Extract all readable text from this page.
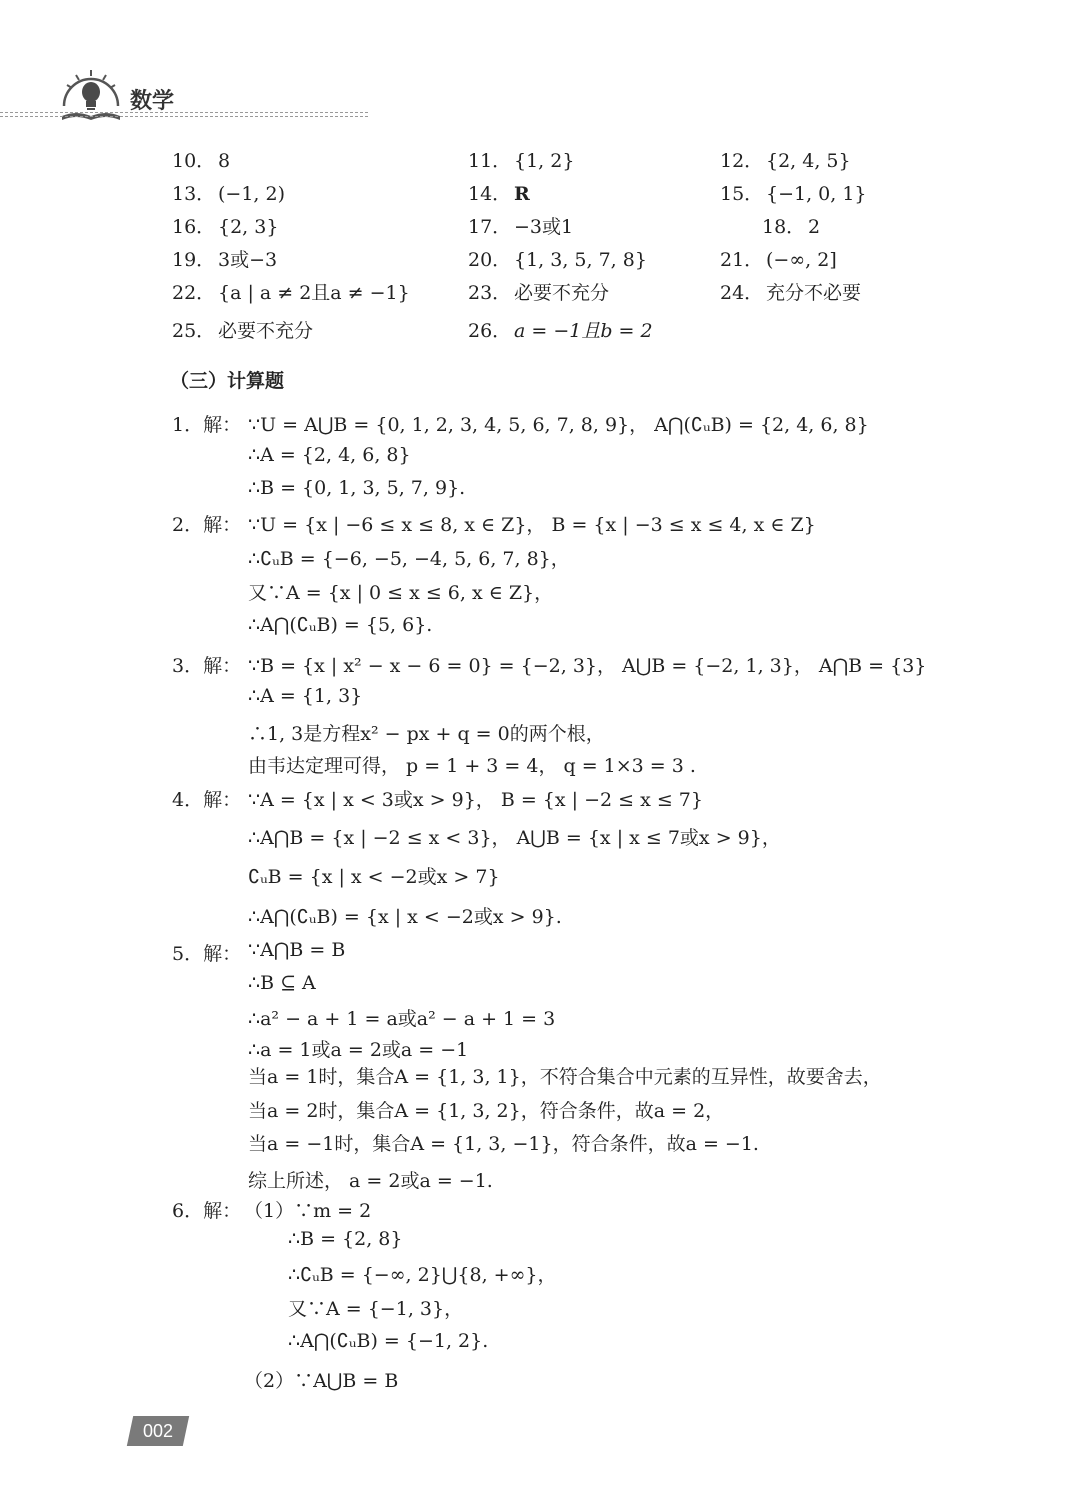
数学
10． 8	11． {1, 2}	12． {2, 4, 5}
13． (−1, 2)	14． R	15． {−1, 0, 1}
16． {2, 3}	17． −3或1	18． 2
19． 3或−3	20． {1, 3, 5, 7, 8}	21． (−∞, 2]
22． {a | a ≠ 2且a ≠ −1}	23． 必要不充分	24． 充分不必要
25． 必要不充分	26． a = −1且b = 2
（三）计算题
1．解： ∵U = A⋃B = {0, 1, 2, 3, 4, 5, 6, 7, 8, 9}， A⋂(∁ᵤB) = {2, 4, 6, 8}
∴A = {2, 4, 6, 8}
∴B = {0, 1, 3, 5, 7, 9}.
2．解： ∵U = {x | −6 ≤ x ≤ 8, x ∈ Z}， B = {x | −3 ≤ x ≤ 4, x ∈ Z}
∴∁ᵤB = {−6, −5, −4, 5, 6, 7, 8}，
又∵A = {x | 0 ≤ x ≤ 6, x ∈ Z}，
∴A⋂(∁ᵤB) = {5, 6}.
3．解： ∵B = {x | x² − x − 6 = 0} = {−2, 3}， A⋃B = {−2, 1, 3}， A⋂B = {3}
∴A = {1, 3}
∴1, 3是方程x² − px + q = 0的两个根，
由韦达定理可得， p = 1 + 3 = 4， q = 1×3 = 3 .
4．解： ∵A = {x | x < 3或x > 9}， B = {x | −2 ≤ x ≤ 7}
∴A⋂B = {x | −2 ≤ x < 3}， A⋃B = {x | x ≤ 7或x > 9}，
∁ᵤB = {x | x < −2或x > 7}
∴A⋂(∁ᵤB) = {x | x < −2或x > 9}.
5．解： ∵A⋂B = B
∴B ⊆ A
∴a² − a + 1 = a或a² − a + 1 = 3
∴a = 1或a = 2或a = −1
当a = 1时，集合A = {1, 3, 1}，不符合集合中元素的互异性，故要舍去，
当a = 2时，集合A = {1, 3, 2}，符合条件，故a = 2，
当a = −1时，集合A = {1, 3, −1}，符合条件，故a = −1.
综上所述， a = 2或a = −1.
6．解： （1）∵m = 2
∴B = {2, 8}
∴∁ᵤB = {−∞, 2}⋃{8, +∞}，
又∵A = {−1, 3}，
∴A⋂(∁ᵤB) = {−1, 2}.
（2）∵A⋃B = B
002
